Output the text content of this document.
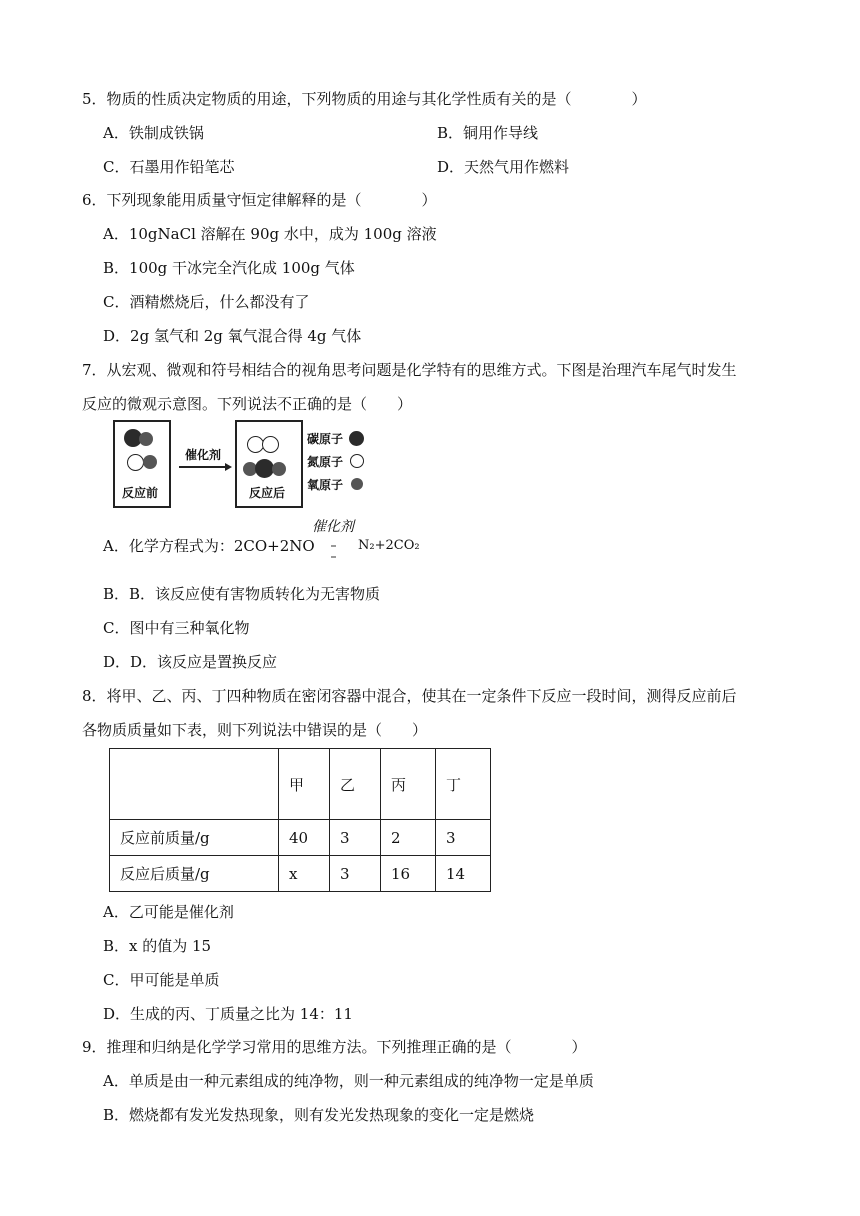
5．物质的性质决定物质的用途，下列物质的用途与其化学性质有关的是（　　　　）
A．铁制成铁锅	B．铜用作导线
C．石墨用作铅笔芯	D．天然气用作燃料
6．下列现象能用质量守恒定律解释的是（　　　　）
A．10gNaCl 溶解在 90g 水中，成为 100g 溶液
B．100g 干冰完全汽化成 100g 气体
C．酒精燃烧后，什么都没有了
D．2g 氢气和 2g 氧气混合得 4g 气体
7．从宏观、微观和符号相结合的视角思考问题是化学特有的思维方式。下图是治理汽车尾气时发生
反应的微观示意图。下列说法不正确的是（　　）
反应前
催化剂
反应后
碳原子
氮原子
氧原子
催化剂
A．化学方程式为：2CO+2NO	N₂+2CO₂
B．B．该反应使有害物质转化为无害物质
C．图中有三种氧化物
D．D．该反应是置换反应
8．将甲、乙、丙、丁四种物质在密闭容器中混合，使其在一定条件下反应一段时间，测得反应前后
各物质质量如下表，则下列说法中错误的是（　　）
	甲	乙	丙	丁
反应前质量/g	40	3	2	3
反应后质量/g	x	3	16	14
A．乙可能是催化剂
B．x 的值为 15
C．甲可能是单质
D．生成的丙、丁质量之比为 14：11
9．推理和归纳是化学学习常用的思维方法。下列推理正确的是（　　　　）
A．单质是由一种元素组成的纯净物，则一种元素组成的纯净物一定是单质
B．燃烧都有发光发热现象，则有发光发热现象的变化一定是燃烧
